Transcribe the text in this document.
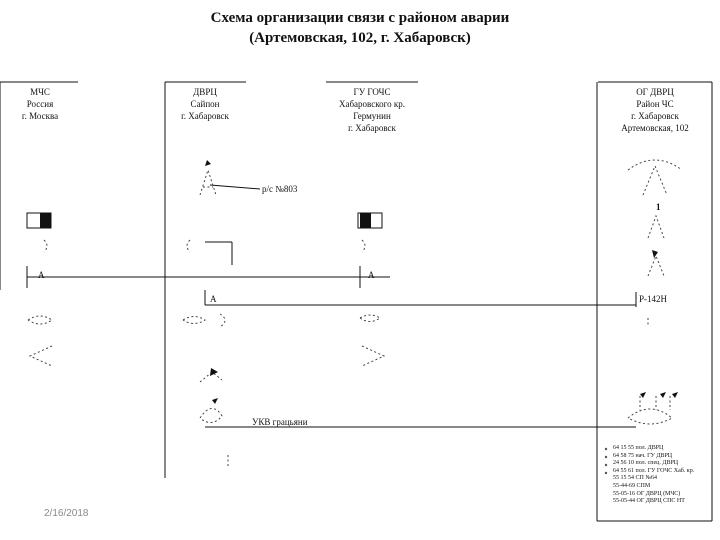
Схема организации связи с районом аварии
(Артемовская, 102, г. Хабаровск)
МЧС
Россия
г. Москва
ДВРЦ
Сайпон
г. Хабаровск
ГУ ГОЧС
Хабаровского кр.
Гермунин
г. Хабаровск
ОГ ДВРЦ
Район ЧС
г. Хабаровск
Артемовская, 102
р/с №803
А	А
А	Р-142Н
УКВ грацьяни
1
64 15 55 пол. ДВРЦ
64 58 75 нач. ГУ ДВРЦ
24 56 10 пол. спец. ДВРЦ
64 55 61 пол. ГУ ГОЧС Хаб. кр.
55 15 54 СП №64
55-44-69 СПМ
55-05-16 ОГ ДВРЦ (МЧС)
55-05-44 ОГ ДВРЦ СПС НТ
2/16/2018
